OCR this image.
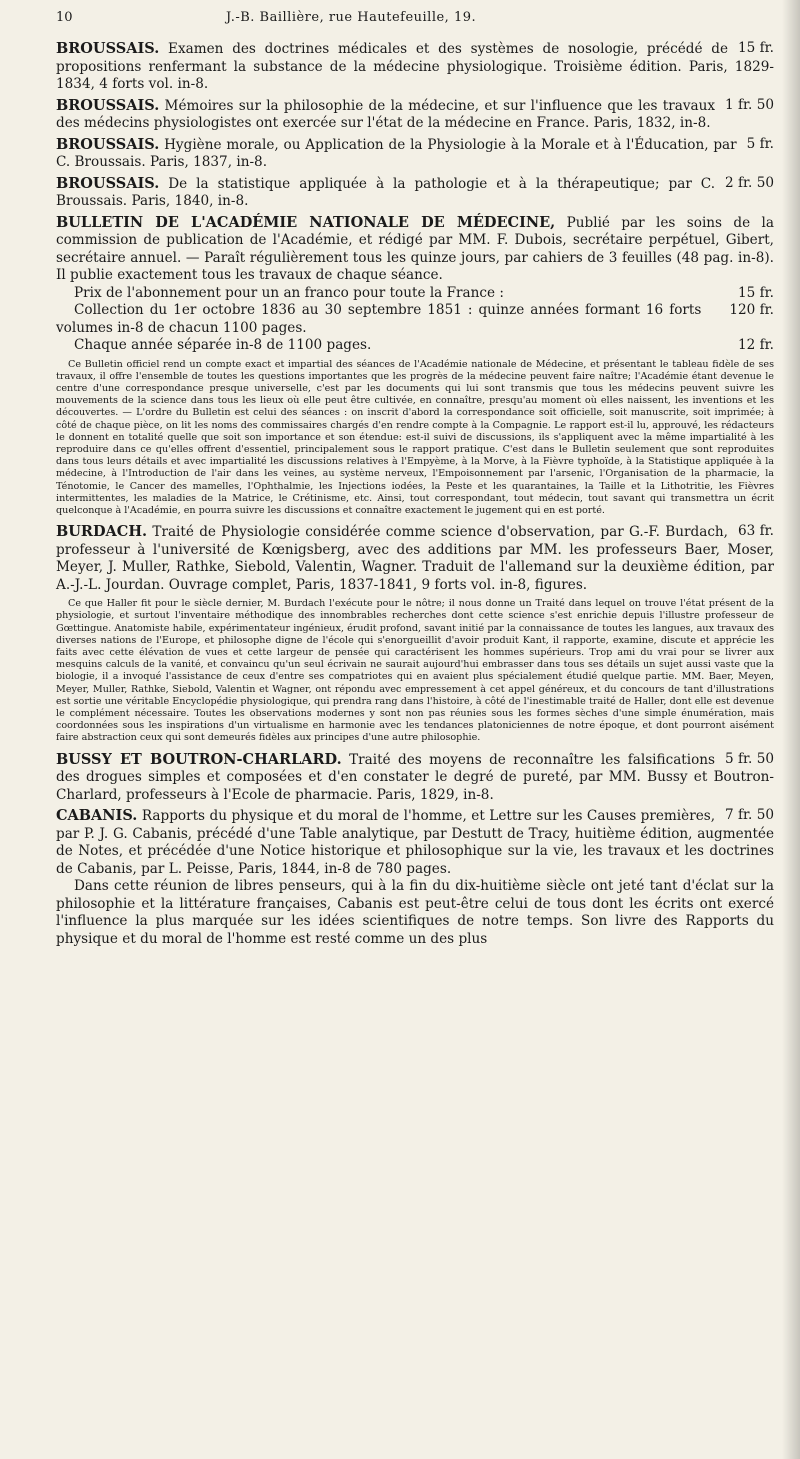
10	J.-B. Baillière, rue Hautefeuille, 19.

15 fr.
BROUSSAIS. Examen des doctrines médicales et des systèmes de nosologie, précédé de propositions renfermant la substance de la médecine physiologique. Troisième édition. Paris, 1829-1834, 4 forts vol. in-8.

1 fr. 50
BROUSSAIS. Mémoires sur la philosophie de la médecine, et sur l'influence que les travaux des médecins physiologistes ont exercée sur l'état de la médecine en France. Paris, 1832, in-8.

5 fr.
BROUSSAIS. Hygiène morale, ou Application de la Physiologie à la Morale et à l'Éducation, par C. Broussais. Paris, 1837, in-8.

2 fr. 50
BROUSSAIS. De la statistique appliquée à la pathologie et à la thérapeutique; par C. Broussais. Paris, 1840, in-8.

BULLETIN DE L'ACADÉMIE NATIONALE DE MÉDECINE, Publié par les soins de la commission de publication de l'Académie, et rédigé par MM. F. Dubois, secrétaire perpétuel, Gibert, secrétaire annuel. — Paraît régulièrement tous les quinze jours, par cahiers de 3 feuilles (48 pag. in-8). Il publie exactement tous les travaux de chaque séance.

15 fr.
Prix de l'abonnement pour un an franco pour toute la France :

120 fr.
Collection du 1er octobre 1836 au 30 septembre 1851 : quinze années formant 16 forts volumes in-8 de chacun 1100 pages.

12 fr.
Chaque année séparée in-8 de 1100 pages.

Ce Bulletin officiel rend un compte exact et impartial des séances de l'Académie nationale de Médecine, et présentant le tableau fidèle de ses travaux, il offre l'ensemble de toutes les questions importantes que les progrès de la médecine peuvent faire naître; l'Académie étant devenue le centre d'une correspondance presque universelle, c'est par les documents qui lui sont transmis que tous les médecins peuvent suivre les mouvements de la science dans tous les lieux où elle peut être cultivée, en connaître, presqu'au moment où elles naissent, les inventions et les découvertes. — L'ordre du Bulletin est celui des séances : on inscrit d'abord la correspondance soit officielle, soit manuscrite, soit imprimée; à côté de chaque pièce, on lit les noms des commissaires chargés d'en rendre compte à la Compagnie. Le rapport est-il lu, approuvé, les rédacteurs le donnent en totalité quelle que soit son importance et son étendue: est-il suivi de discussions, ils s'appliquent avec la même impartialité à les reproduire dans ce qu'elles offrent d'essentiel, principalement sous le rapport pratique. C'est dans le Bulletin seulement que sont reproduites dans tous leurs détails et avec impartialité les discussions relatives à l'Empyème, à la Morve, à la Fièvre typhoïde, à la Statistique appliquée à la médecine, à l'Introduction de l'air dans les veines, au système nerveux, l'Empoisonnement par l'arsenic, l'Organisation de la pharmacie, la Ténotomie, le Cancer des mamelles, l'Ophthalmie, les Injections iodées, la Peste et les quarantaines, la Taille et la Lithotritie, les Fièvres intermittentes, les maladies de la Matrice, le Crétinisme, etc. Ainsi, tout correspondant, tout médecin, tout savant qui transmettra un écrit quelconque à l'Académie, en pourra suivre les discussions et connaître exactement le jugement qui en est porté.

63 fr.
BURDACH. Traité de Physiologie considérée comme science d'observation, par G.-F. Burdach, professeur à l'université de Kœnigsberg, avec des additions par MM. les professeurs Baer, Moser, Meyer, J. Muller, Rathke, Siebold, Valentin, Wagner. Traduit de l'allemand sur la deuxième édition, par A.-J.-L. Jourdan. Ouvrage complet, Paris, 1837-1841, 9 forts vol. in-8, figures.

Ce que Haller fit pour le siècle dernier, M. Burdach l'exécute pour le nôtre; il nous donne un Traité dans lequel on trouve l'état présent de la physiologie, et surtout l'inventaire méthodique des innombrables recherches dont cette science s'est enrichie depuis l'illustre professeur de Gœttingue. Anatomiste habile, expérimentateur ingénieux, érudit profond, savant initié par la connaissance de toutes les langues, aux travaux des diverses nations de l'Europe, et philosophe digne de l'école qui s'enorgueillit d'avoir produit Kant, il rapporte, examine, discute et apprécie les faits avec cette élévation de vues et cette largeur de pensée qui caractérisent les hommes supérieurs. Trop ami du vrai pour se livrer aux mesquins calculs de la vanité, et convaincu qu'un seul écrivain ne saurait aujourd'hui embrasser dans tous ses détails un sujet aussi vaste que la biologie, il a invoqué l'assistance de ceux d'entre ses compatriotes qui en avaient plus spécialement étudié quelque partie. MM. Baer, Meyen, Meyer, Muller, Rathke, Siebold, Valentin et Wagner, ont répondu avec empressement à cet appel généreux, et du concours de tant d'illustrations est sortie une véritable Encyclopédie physiologique, qui prendra rang dans l'histoire, à côté de l'inestimable traité de Haller, dont elle est devenue le complément nécessaire. Toutes les observations modernes y sont non pas réunies sous les formes sèches d'une simple énumération, mais coordonnées sous les inspirations d'un virtualisme en harmonie avec les tendances platoniciennes de notre époque, et dont pourront aisément faire abstraction ceux qui sont demeurés fidèles aux principes d'une autre philosophie.

5 fr. 50
BUSSY ET BOUTRON-CHARLARD. Traité des moyens de reconnaître les falsifications des drogues simples et composées et d'en constater le degré de pureté, par MM. Bussy et Boutron-Charlard, professeurs à l'Ecole de pharmacie. Paris, 1829, in-8.

7 fr. 50
CABANIS. Rapports du physique et du moral de l'homme, et Lettre sur les Causes premières, par P. J. G. Cabanis, précédé d'une Table analytique, par Destutt de Tracy, huitième édition, augmentée de Notes, et précédée d'une Notice historique et philosophique sur la vie, les travaux et les doctrines de Cabanis, par L. Peisse, Paris, 1844, in-8 de 780 pages.

Dans cette réunion de libres penseurs, qui à la fin du dix-huitième siècle ont jeté tant d'éclat sur la philosophie et la littérature françaises, Cabanis est peut-être celui de tous dont les écrits ont exercé l'influence la plus marquée sur les idées scientifiques de notre temps. Son livre des Rapports du physique et du moral de l'homme est resté comme un des plus
